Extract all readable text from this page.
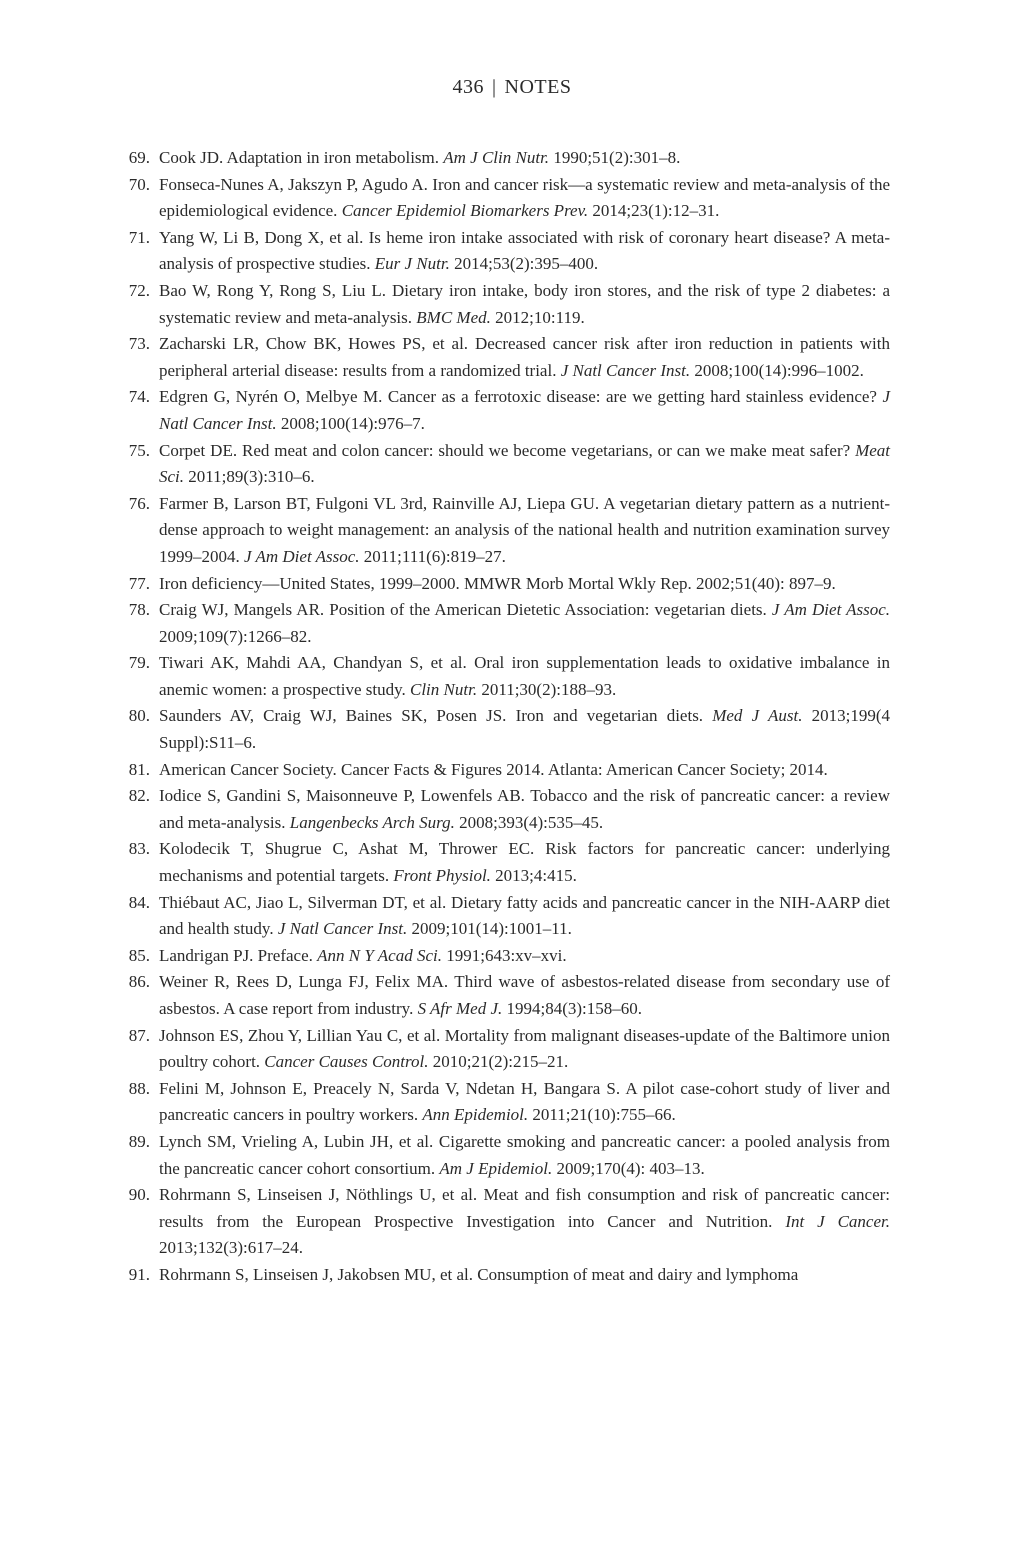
436 | NOTES
69. Cook JD. Adaptation in iron metabolism. Am J Clin Nutr. 1990;51(2):301–8.
70. Fonseca-Nunes A, Jakszyn P, Agudo A. Iron and cancer risk—a systematic review and meta-analysis of the epidemiological evidence. Cancer Epidemiol Biomarkers Prev. 2014;23(1):12–31.
71. Yang W, Li B, Dong X, et al. Is heme iron intake associated with risk of coronary heart disease? A meta-analysis of prospective studies. Eur J Nutr. 2014;53(2):395–400.
72. Bao W, Rong Y, Rong S, Liu L. Dietary iron intake, body iron stores, and the risk of type 2 diabetes: a systematic review and meta-analysis. BMC Med. 2012;10:119.
73. Zacharski LR, Chow BK, Howes PS, et al. Decreased cancer risk after iron reduction in patients with peripheral arterial disease: results from a randomized trial. J Natl Cancer Inst. 2008;100(14):996–1002.
74. Edgren G, Nyrén O, Melbye M. Cancer as a ferrotoxic disease: are we getting hard stainless evidence? J Natl Cancer Inst. 2008;100(14):976–7.
75. Corpet DE. Red meat and colon cancer: should we become vegetarians, or can we make meat safer? Meat Sci. 2011;89(3):310–6.
76. Farmer B, Larson BT, Fulgoni VL 3rd, Rainville AJ, Liepa GU. A vegetarian dietary pattern as a nutrient-dense approach to weight management: an analysis of the national health and nutrition examination survey 1999–2004. J Am Diet Assoc. 2011;111(6):819–27.
77. Iron deficiency—United States, 1999–2000. MMWR Morb Mortal Wkly Rep. 2002;51(40): 897–9.
78. Craig WJ, Mangels AR. Position of the American Dietetic Association: vegetarian diets. J Am Diet Assoc. 2009;109(7):1266–82.
79. Tiwari AK, Mahdi AA, Chandyan S, et al. Oral iron supplementation leads to oxidative imbalance in anemic women: a prospective study. Clin Nutr. 2011;30(2):188–93.
80. Saunders AV, Craig WJ, Baines SK, Posen JS. Iron and vegetarian diets. Med J Aust. 2013;199(4 Suppl):S11–6.
81. American Cancer Society. Cancer Facts & Figures 2014. Atlanta: American Cancer Society; 2014.
82. Iodice S, Gandini S, Maisonneuve P, Lowenfels AB. Tobacco and the risk of pancreatic cancer: a review and meta-analysis. Langenbecks Arch Surg. 2008;393(4):535–45.
83. Kolodecik T, Shugrue C, Ashat M, Thrower EC. Risk factors for pancreatic cancer: underlying mechanisms and potential targets. Front Physiol. 2013;4:415.
84. Thiébaut AC, Jiao L, Silverman DT, et al. Dietary fatty acids and pancreatic cancer in the NIH-AARP diet and health study. J Natl Cancer Inst. 2009;101(14):1001–11.
85. Landrigan PJ. Preface. Ann N Y Acad Sci. 1991;643:xv–xvi.
86. Weiner R, Rees D, Lunga FJ, Felix MA. Third wave of asbestos-related disease from secondary use of asbestos. A case report from industry. S Afr Med J. 1994;84(3):158–60.
87. Johnson ES, Zhou Y, Lillian Yau C, et al. Mortality from malignant diseases-update of the Baltimore union poultry cohort. Cancer Causes Control. 2010;21(2):215–21.
88. Felini M, Johnson E, Preacely N, Sarda V, Ndetan H, Bangara S. A pilot case-cohort study of liver and pancreatic cancers in poultry workers. Ann Epidemiol. 2011;21(10):755–66.
89. Lynch SM, Vrieling A, Lubin JH, et al. Cigarette smoking and pancreatic cancer: a pooled analysis from the pancreatic cancer cohort consortium. Am J Epidemiol. 2009;170(4): 403–13.
90. Rohrmann S, Linseisen J, Nöthlings U, et al. Meat and fish consumption and risk of pancreatic cancer: results from the European Prospective Investigation into Cancer and Nutrition. Int J Cancer. 2013;132(3):617–24.
91. Rohrmann S, Linseisen J, Jakobsen MU, et al. Consumption of meat and dairy and lymphoma
